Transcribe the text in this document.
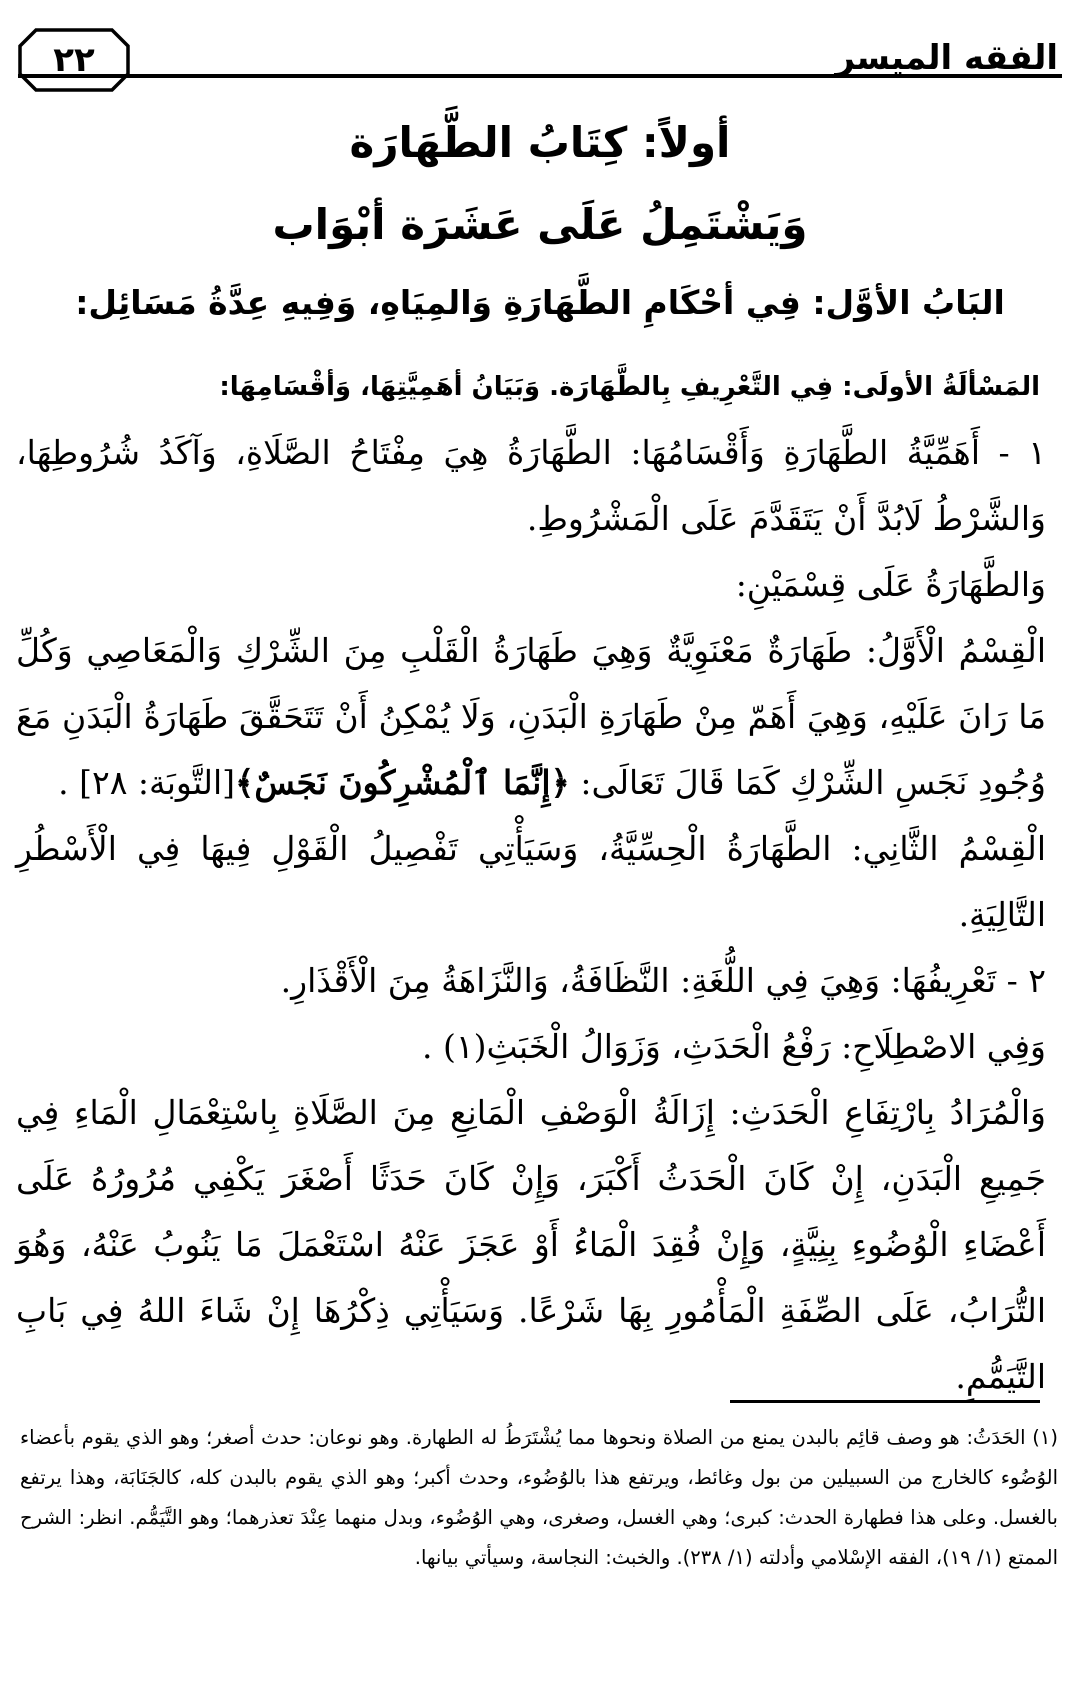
الفقه الميسر
٢٢
أولاً: كِتَابُ الطَّهَارَة
وَيَشْتَمِلُ عَلَى عَشَرَة أبْوَاب
البَابُ الأوَّل: فِي أحْكَامِ الطَّهَارَةِ وَالمِيَاهِ، وَفِيهِ عِدَّةُ مَسَائِل:
المَسْألَةُ الأولَى: فِي التَّعْرِيفِ بِالطَّهَارَة. وَبَيَانُ أهَمِيَّتِهَا، وَأقْسَامِهَا:

١ - أَهَمِّيَّةُ الطَّهَارَةِ وَأَقْسَامُهَا: الطَّهَارَةُ هِيَ مِفْتَاحُ الصَّلَاةِ، وَآكَدُ شُرُوطِهَا، وَالشَّرْطُ لَابُدَّ أَنْ يَتَقَدَّمَ عَلَى الْمَشْرُوطِ.

وَالطَّهَارَةُ عَلَى قِسْمَيْنِ:

الْقِسْمُ الْأَوَّلُ: طَهَارَةٌ مَعْنَوِيَّةٌ وَهِيَ طَهَارَةُ الْقَلْبِ مِنَ الشِّرْكِ وَالْمَعَاصِي وَكُلِّ مَا رَانَ عَلَيْهِ، وَهِيَ أَهَمّ مِنْ طَهَارَةِ الْبَدَنِ، وَلَا يُمْكِنُ أَنْ تَتَحَقَّقَ طَهَارَةُ الْبَدَنِ مَعَ وُجُودِ نَجَسِ الشِّرْكِ كَمَا قَالَ تَعَالَى: ﴿إِنَّمَا ٱلْمُشْرِكُونَ نَجَسٌ﴾[التَّوبَة: ٢٨] .

الْقِسْمُ الثَّانِي: الطَّهَارَةُ الْحِسِّيَّةُ، وَسَيَأْتِي تَفْصِيلُ الْقَوْلِ فِيهَا فِي الْأَسْطُرِ التَّالِيَةِ.

٢ - تَعْرِيفُهَا: وَهِيَ فِي اللُّغَةِ: النَّظَافَةُ، وَالنَّزَاهَةُ مِنَ الْأَقْذَارِ.

وَفِي الاصْطِلَاحِ: رَفْعُ الْحَدَثِ، وَزَوَالُ الْخَبَثِ(١) .

وَالْمُرَادُ بِارْتِفَاعِ الْحَدَثِ: إِزَالَةُ الْوَصْفِ الْمَانِعِ مِنَ الصَّلَاةِ بِاسْتِعْمَالِ الْمَاءِ فِي جَمِيعِ الْبَدَنِ، إِنْ كَانَ الْحَدَثُ أَكْبَرَ، وَإِنْ كَانَ حَدَثًا أَصْغَرَ يَكْفِي مُرُورُهُ عَلَى أَعْضَاءِ الْوُضُوءِ بِنِيَّةٍ، وَإِنْ فُقِدَ الْمَاءُ أَوْ عَجَزَ عَنْهُ اسْتَعْمَلَ مَا يَنُوبُ عَنْهُ، وَهُوَ التُّرَابُ، عَلَى الصِّفَةِ الْمَأْمُورِ بِهَا شَرْعًا. وَسَيَأْتِي ذِكْرُهَا إِنْ شَاءَ اللهُ فِي بَابِ التَّيَمُّمِ.

(١) الحَدَثُ: هو وصف قائِم بالبدن يمنع من الصلاة ونحوها مما يُشْتَرَطُ له الطهارة. وهو نوعان: حدث أصغر؛ وهو الذي يقوم بأعضاء الوُضُوء كالخارج من السبيلين من بول وغائط، ويرتفع هذا بالوُضُوء، وحدث أكبر؛ وهو الذي يقوم بالبدن كله، كالجَنَابَة، وهذا يرتفع بالغسل. وعلى هذا فطهارة الحدث: كبرى؛ وهي الغسل، وصغرى، وهي الوُضُوء، وبدل منهما عِنْدَ تعذرهما؛ وهو التَّيَمُّم. انظر: الشرح الممتع (١/ ١٩)، الفقه الإسْلامي وأدلته (١/ ٢٣٨). والخبث: النجاسة، وسيأتي بيانها.
